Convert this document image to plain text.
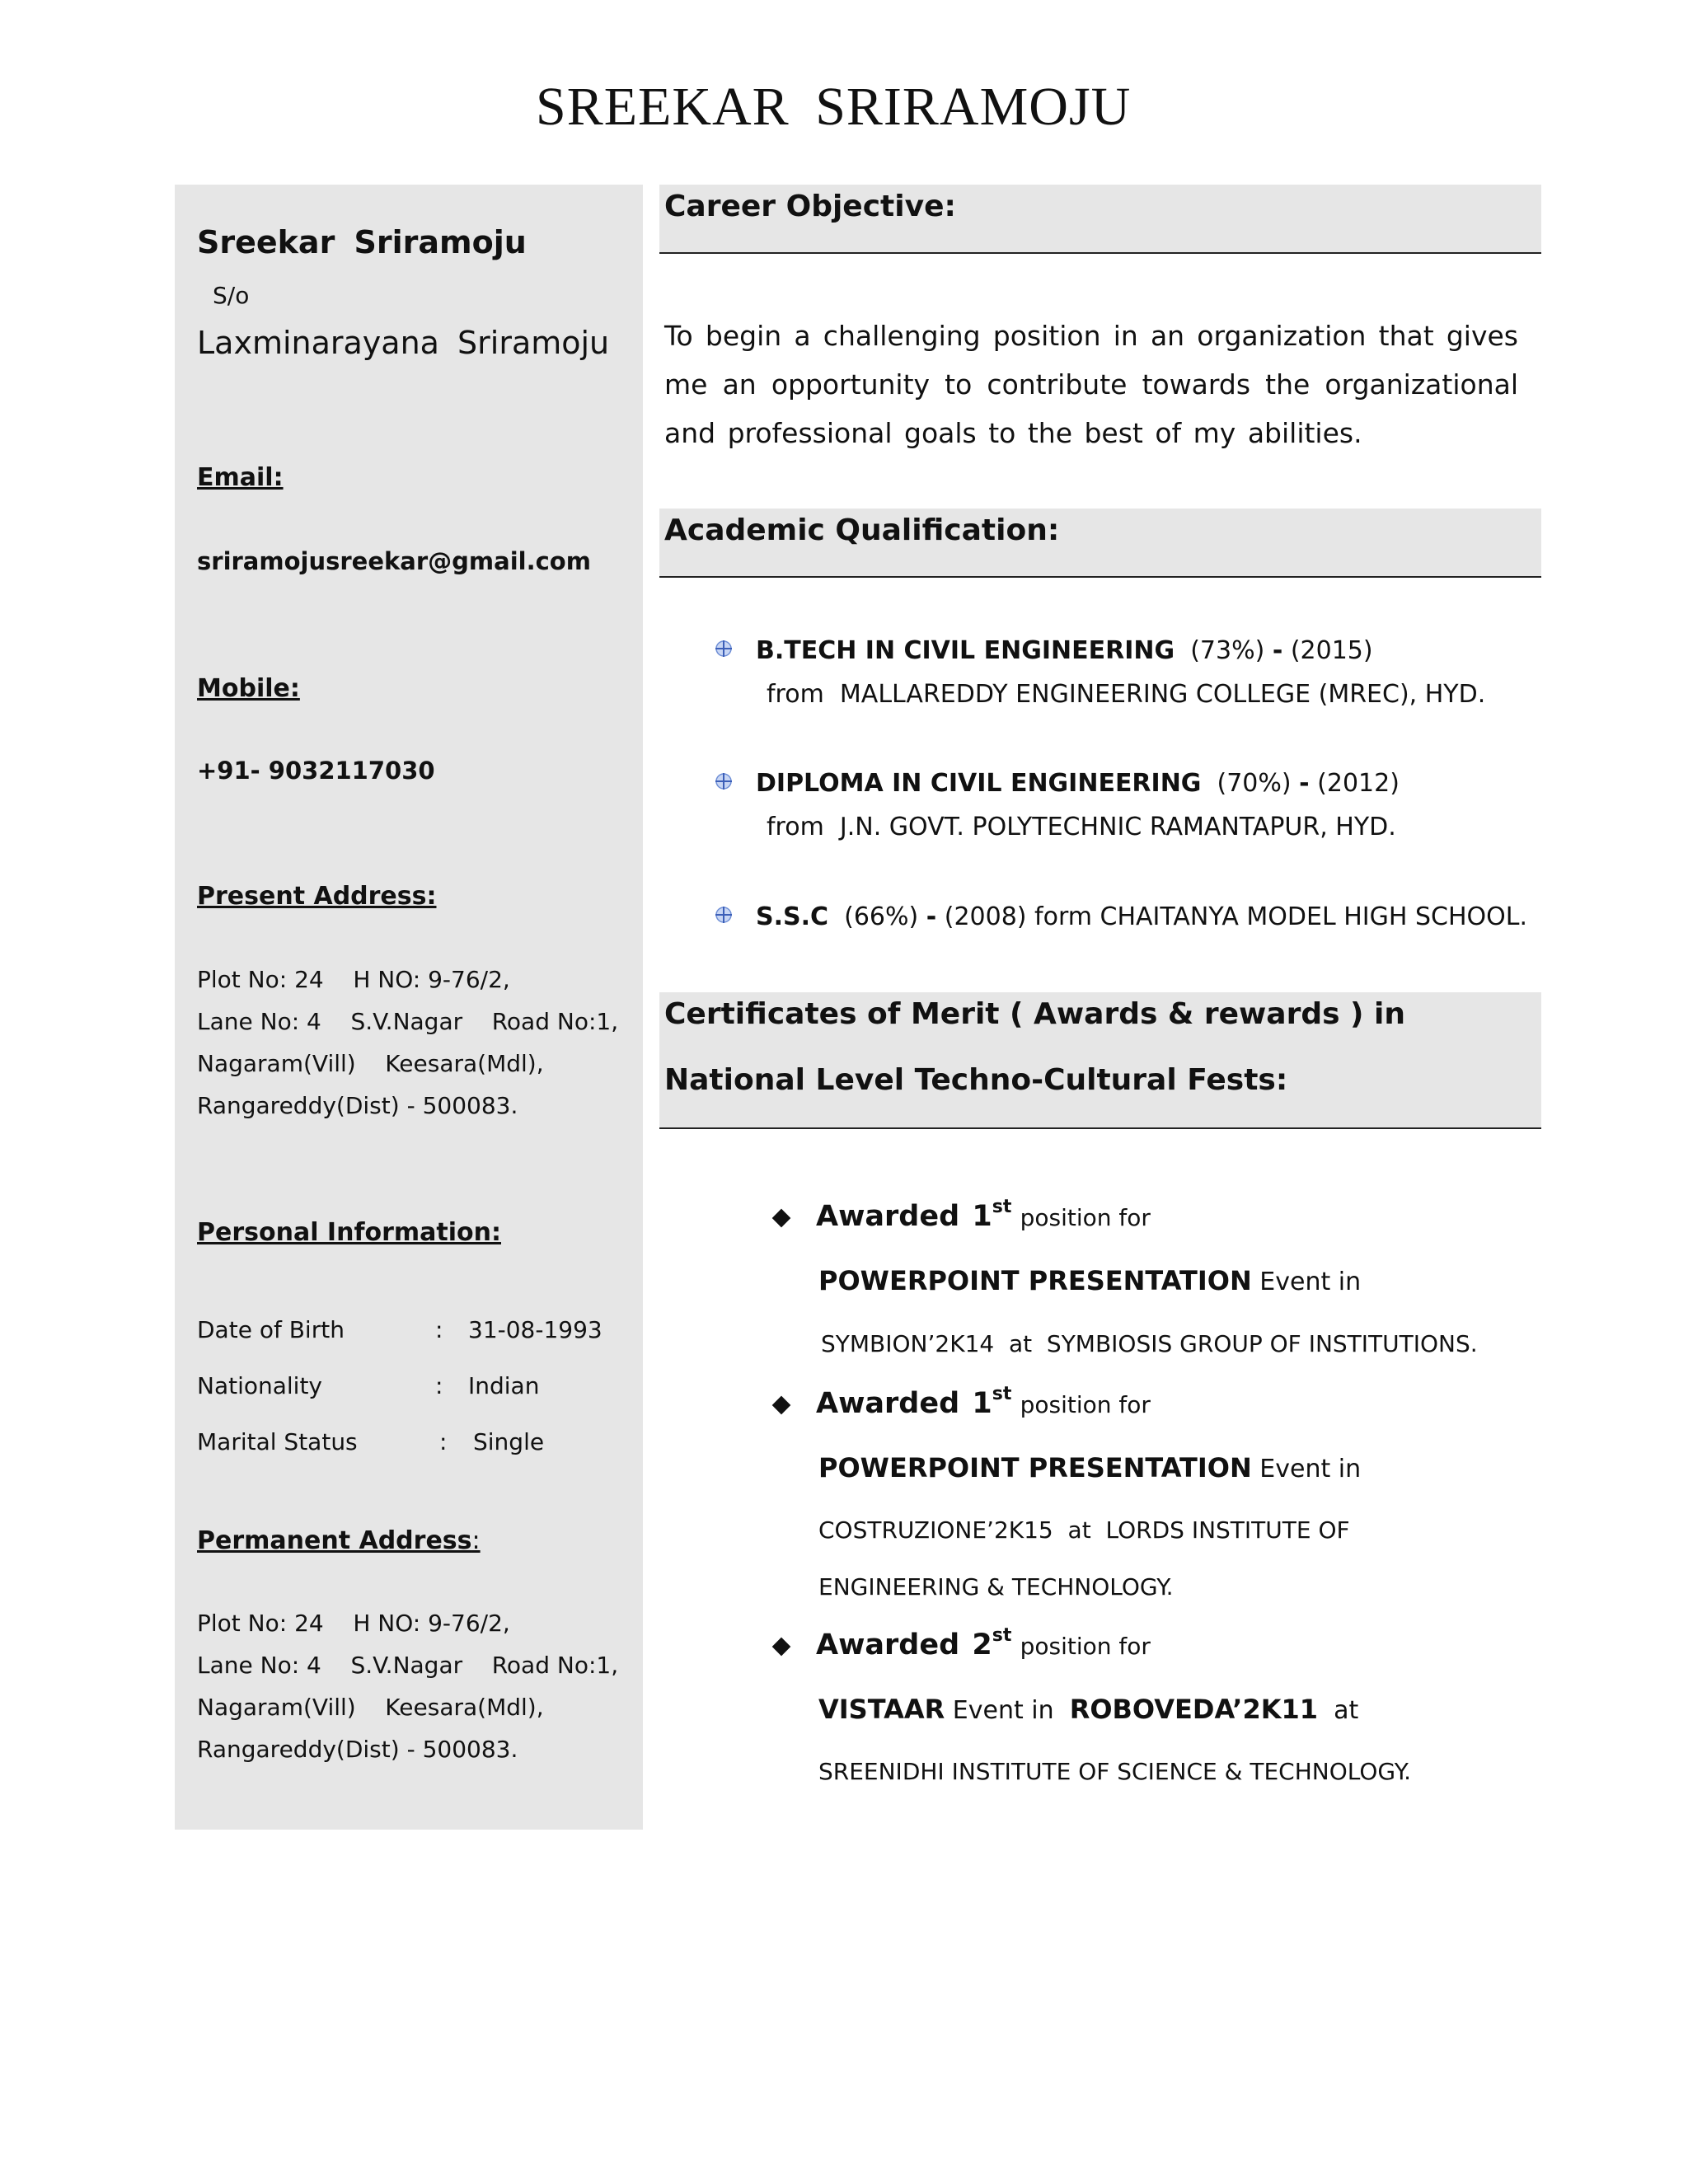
SREEKAR SRIRAMOJU
Sreekar Sriramoju
S/o
Laxminarayana Sriramoju
Email:
sriramojusreekar@gmail.com
Mobile:
+91- 9032117030
Present Address:
Plot No: 24    H NO: 9-76/2,
Lane No: 4    S.V.Nagar    Road No:1,
Nagaram(Vill)    Keesara(Mdl),
Rangareddy(Dist) - 500083.
Personal Information:
Date of Birth	: 31-08-1993
Nationality	: Indian
Marital Status	: Single
Permanent Address:
Plot No: 24    H NO: 9-76/2,
Lane No: 4    S.V.Nagar    Road No:1,
Nagaram(Vill)    Keesara(Mdl),
Rangareddy(Dist) - 500083.
Career Objective:
To begin a challenging position in an organization that gives me an opportunity to contribute towards the organizational and professional goals to the best of my abilities.
Academic Qualification:
B.TECH IN CIVIL ENGINEERING (73%) - (2015)
from MALLAREDDY ENGINEERING COLLEGE (MREC), HYD.
DIPLOMA IN CIVIL ENGINEERING (70%) - (2012)
from J.N. GOVT. POLYTECHNIC RAMANTAPUR, HYD.
S.S.C (66%) - (2008) form CHAITANYA MODEL HIGH SCHOOL.
Certificates of Merit ( Awards & rewards ) in
National Level Techno-Cultural Fests:
Awarded 1st position for
POWERPOINT PRESENTATION Event in
SYMBION’2K14  at  SYMBIOSIS GROUP OF INSTITUTIONS.
Awarded 1st position for
POWERPOINT PRESENTATION Event in
COSTRUZIONE’2K15  at  LORDS INSTITUTE OF
ENGINEERING & TECHNOLOGY.
Awarded 2st position for
VISTAAR Event in ROBOVEDA’2K11 at
SREENIDHI INSTITUTE OF SCIENCE & TECHNOLOGY.
